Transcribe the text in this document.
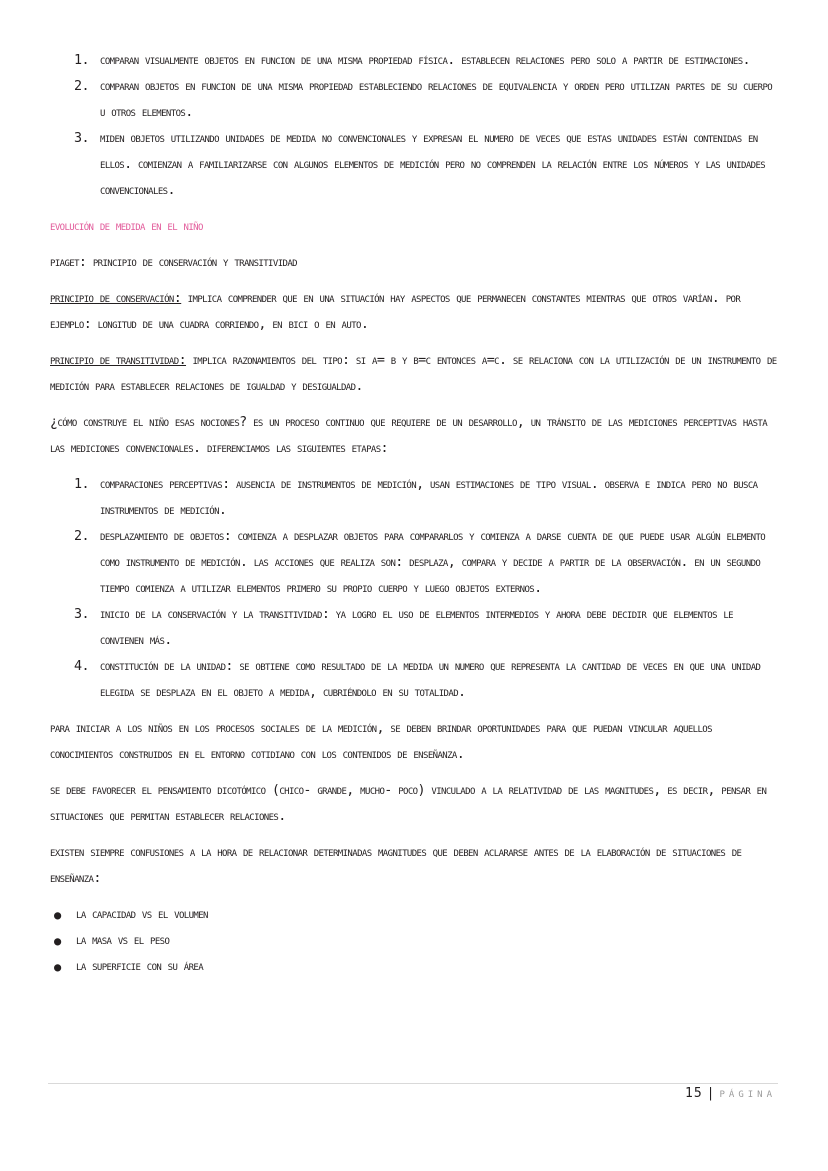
1. comparan visualmente objetos en funcion de una misma propiedad física. establecen relaciones pero solo a partir de estimaciones.
2. comparan objetos en funcion de una misma propiedad estableciendo relaciones de equivalencia y orden pero utilizan partes de su cuerpo u otros elementos.
3. miden objetos utilizando unidades de medida no convencionales y expresan el numero de veces que estas unidades están contenidas en ellos. comienzan a familiarizarse con algunos elementos de medición pero no comprenden la relación entre los números y las unidades convencionales.

evolución de medida en el niño

piaget: principio de conservación y transitividad

principio de conservación: implica comprender que en una situación hay aspectos que permanecen constantes mientras que otros varían. por ejemplo: longitud de una cuadra corriendo, en bici o en auto.

principio de transitividad: implica razonamientos del tipo: si a= b y b=c entonces a=c. se relaciona con la utilización de un instrumento de medición para establecer relaciones de igualdad y desigualdad.

¿cómo construye el niño esas nociones? es un proceso continuo que requiere de un desarrollo, un tránsito de las mediciones perceptivas hasta las mediciones convencionales. diferenciamos las siguientes etapas:

1. comparaciones perceptivas: ausencia de instrumentos de medición, usan estimaciones de tipo visual. observa e indica pero no busca instrumentos de medición.
2. desplazamiento de objetos: comienza a desplazar objetos para compararlos y comienza a darse cuenta de que puede usar algún elemento como instrumento de medición. las acciones que realiza son: desplaza, compara y decide a partir de la observación. en un segundo tiempo comienza a utilizar elementos primero su propio cuerpo y luego objetos externos.
3. inicio de la conservación y la transitividad: ya logro el uso de elementos intermedios y ahora debe decidir que elementos le convienen más.
4. constitución de la unidad: se obtiene como resultado de la medida un numero que representa la cantidad de veces en que una unidad elegida se desplaza en el objeto a medida, cubriéndolo en su totalidad.

para iniciar a los niños en los procesos sociales de la medición, se deben brindar oportunidades para que puedan vincular aquellos conocimientos construidos en el entorno cotidiano con los contenidos de enseñanza.

se debe favorecer el pensamiento dicotómico (chico- grande, mucho- poco) vinculado a la relatividad de las magnitudes, es decir, pensar en situaciones que permitan establecer relaciones.

existen siempre confusiones a la hora de relacionar determinadas magnitudes que deben aclararse antes de la elaboración de situaciones de enseñanza:

● la capacidad vs el volumen
● la masa vs el peso
● la superficie con su área
15 | página
